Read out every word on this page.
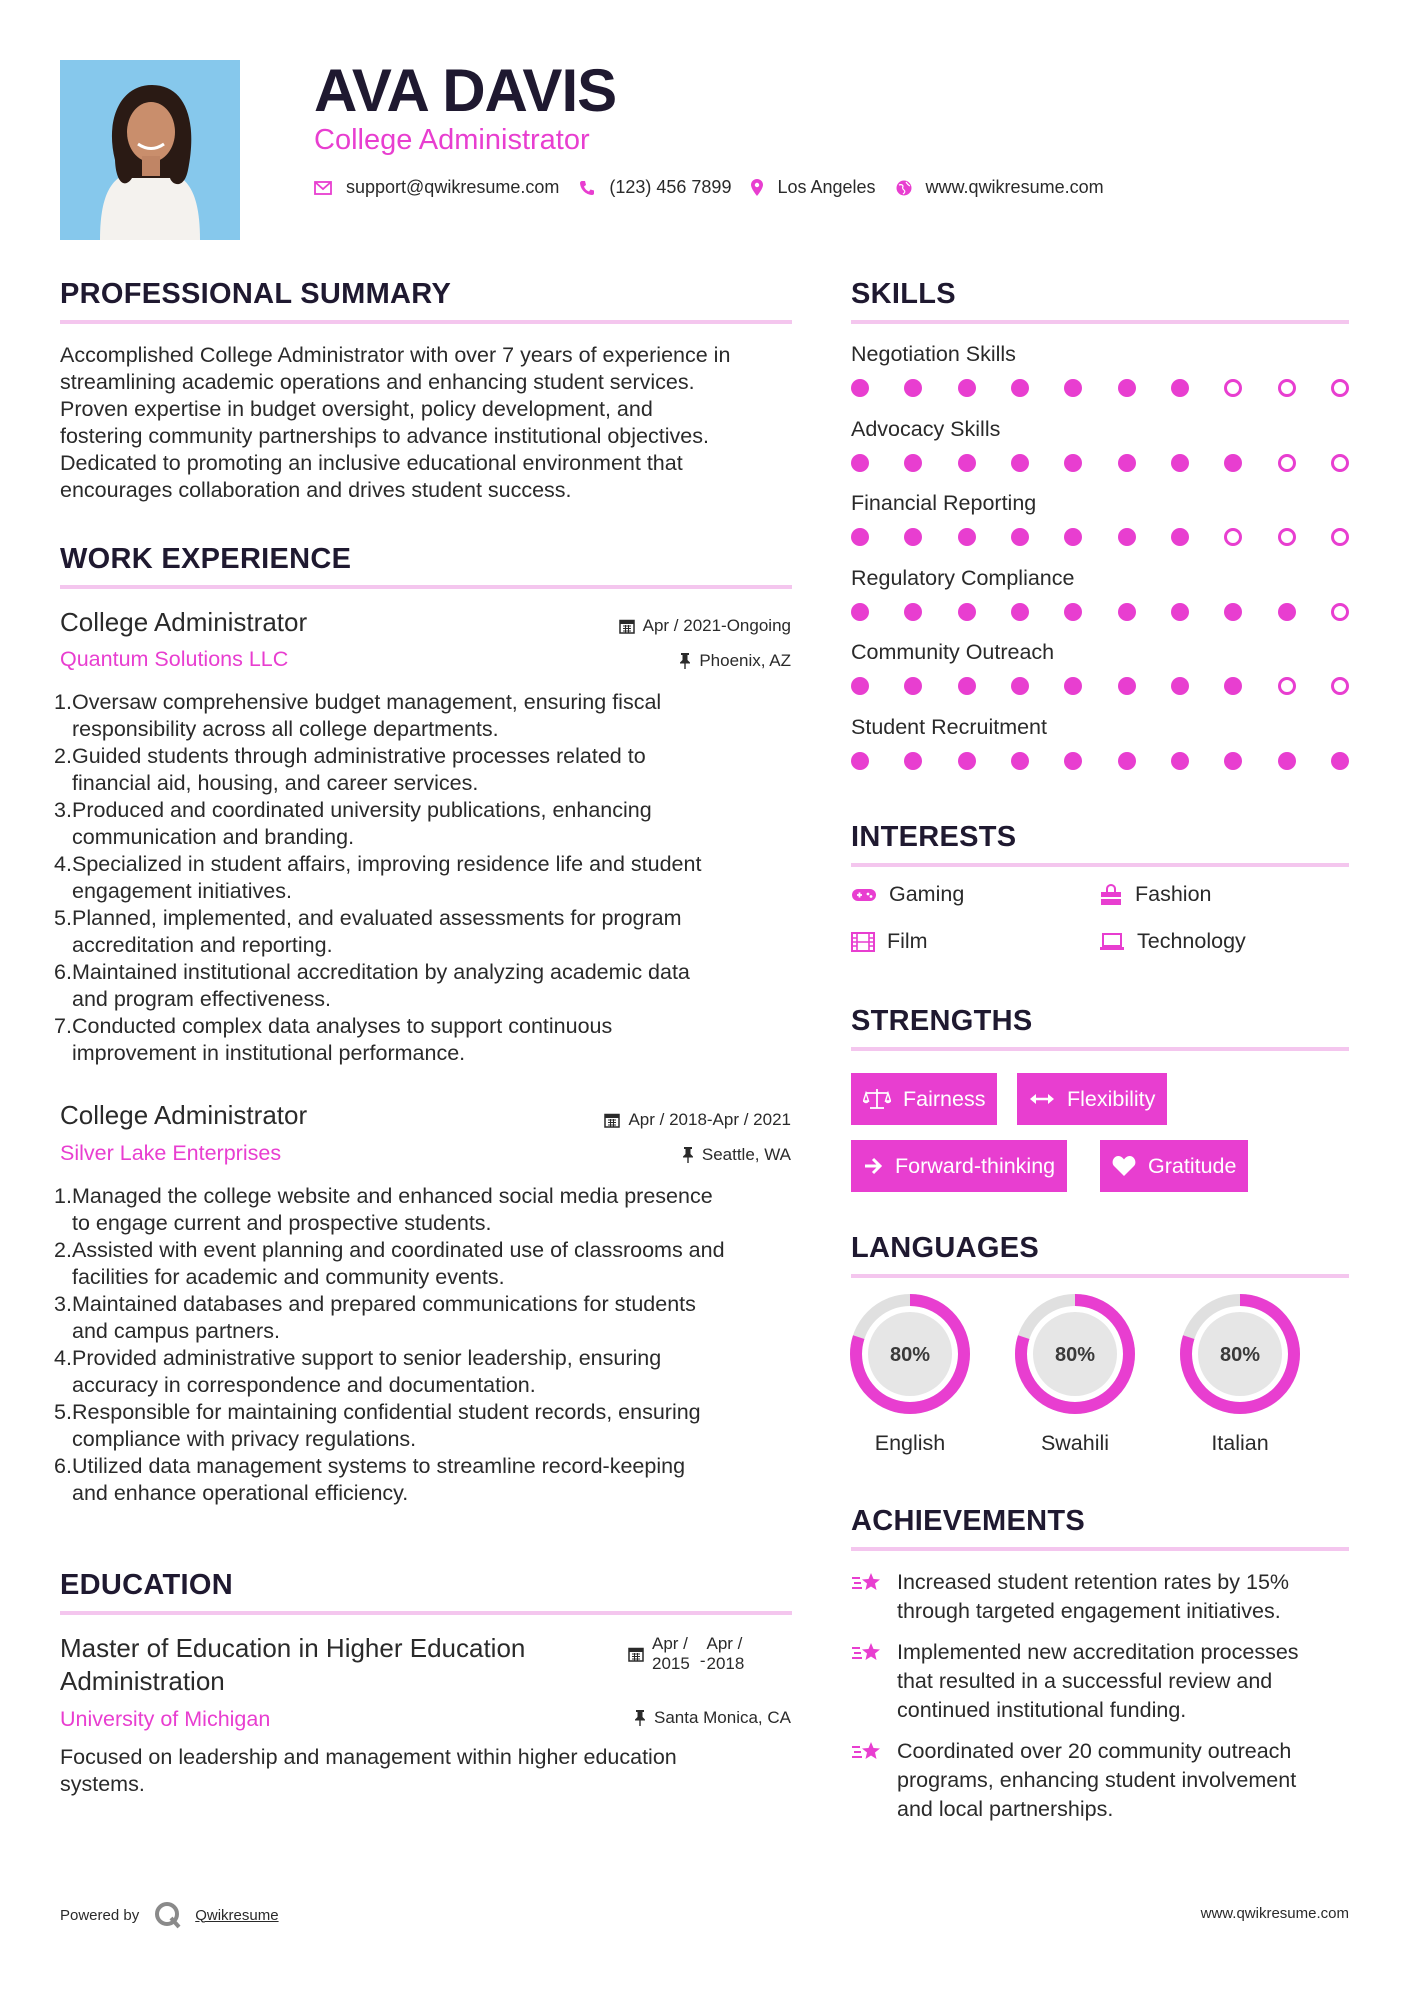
AVA DAVIS
College Administrator
support@qwikresume.com	(123) 456 7899	Los Angeles	www.qwikresume.com
PROFESSIONAL SUMMARY
Accomplished College Administrator with over 7 years of experience in
streamlining academic operations and enhancing student services.
Proven expertise in budget oversight, policy development, and
fostering community partnerships to advance institutional objectives.
Dedicated to promoting an inclusive educational environment that
encourages collaboration and drives student success.
WORK EXPERIENCE
College Administrator	Apr / 2021-Ongoing
Quantum Solutions LLC	Phoenix, AZ
1. Oversaw comprehensive budget management, ensuring fiscal
responsibility across all college departments.
2. Guided students through administrative processes related to
financial aid, housing, and career services.
3. Produced and coordinated university publications, enhancing
communication and branding.
4. Specialized in student affairs, improving residence life and student
engagement initiatives.
5. Planned, implemented, and evaluated assessments for program
accreditation and reporting.
6. Maintained institutional accreditation by analyzing academic data
and program effectiveness.
7. Conducted complex data analyses to support continuous
improvement in institutional performance.
College Administrator	Apr / 2018-Apr / 2021
Silver Lake Enterprises	Seattle, WA
1. Managed the college website and enhanced social media presence
to engage current and prospective students.
2. Assisted with event planning and coordinated use of classrooms and
facilities for academic and community events.
3. Maintained databases and prepared communications for students
and campus partners.
4. Provided administrative support to senior leadership, ensuring
accuracy in correspondence and documentation.
5. Responsible for maintaining confidential student records, ensuring
compliance with privacy regulations.
6. Utilized data management systems to streamline record-keeping
and enhance operational efficiency.
EDUCATION
Master of Education in Higher Education
Administration
Apr /
2015 -
Apr /
2018
University of Michigan	Santa Monica, CA
Focused on leadership and management within higher education
systems.
SKILLS
Negotiation Skills
Advocacy Skills
Financial Reporting
Regulatory Compliance
Community Outreach
Student Recruitment
INTERESTS
Gaming	Fashion
Film	Technology
STRENGTHS
Fairness	Flexibility
Forward-thinking	Gratitude
LANGUAGES
80%
English
80%
Swahili
80%
Italian
ACHIEVEMENTS
Increased student retention rates by 15%
through targeted engagement initiatives.
Implemented new accreditation processes
that resulted in a successful review and
continued institutional funding.
Coordinated over 20 community outreach
programs, enhancing student involvement
and local partnerships.
Powered by	Qwikresume	www.qwikresume.com
